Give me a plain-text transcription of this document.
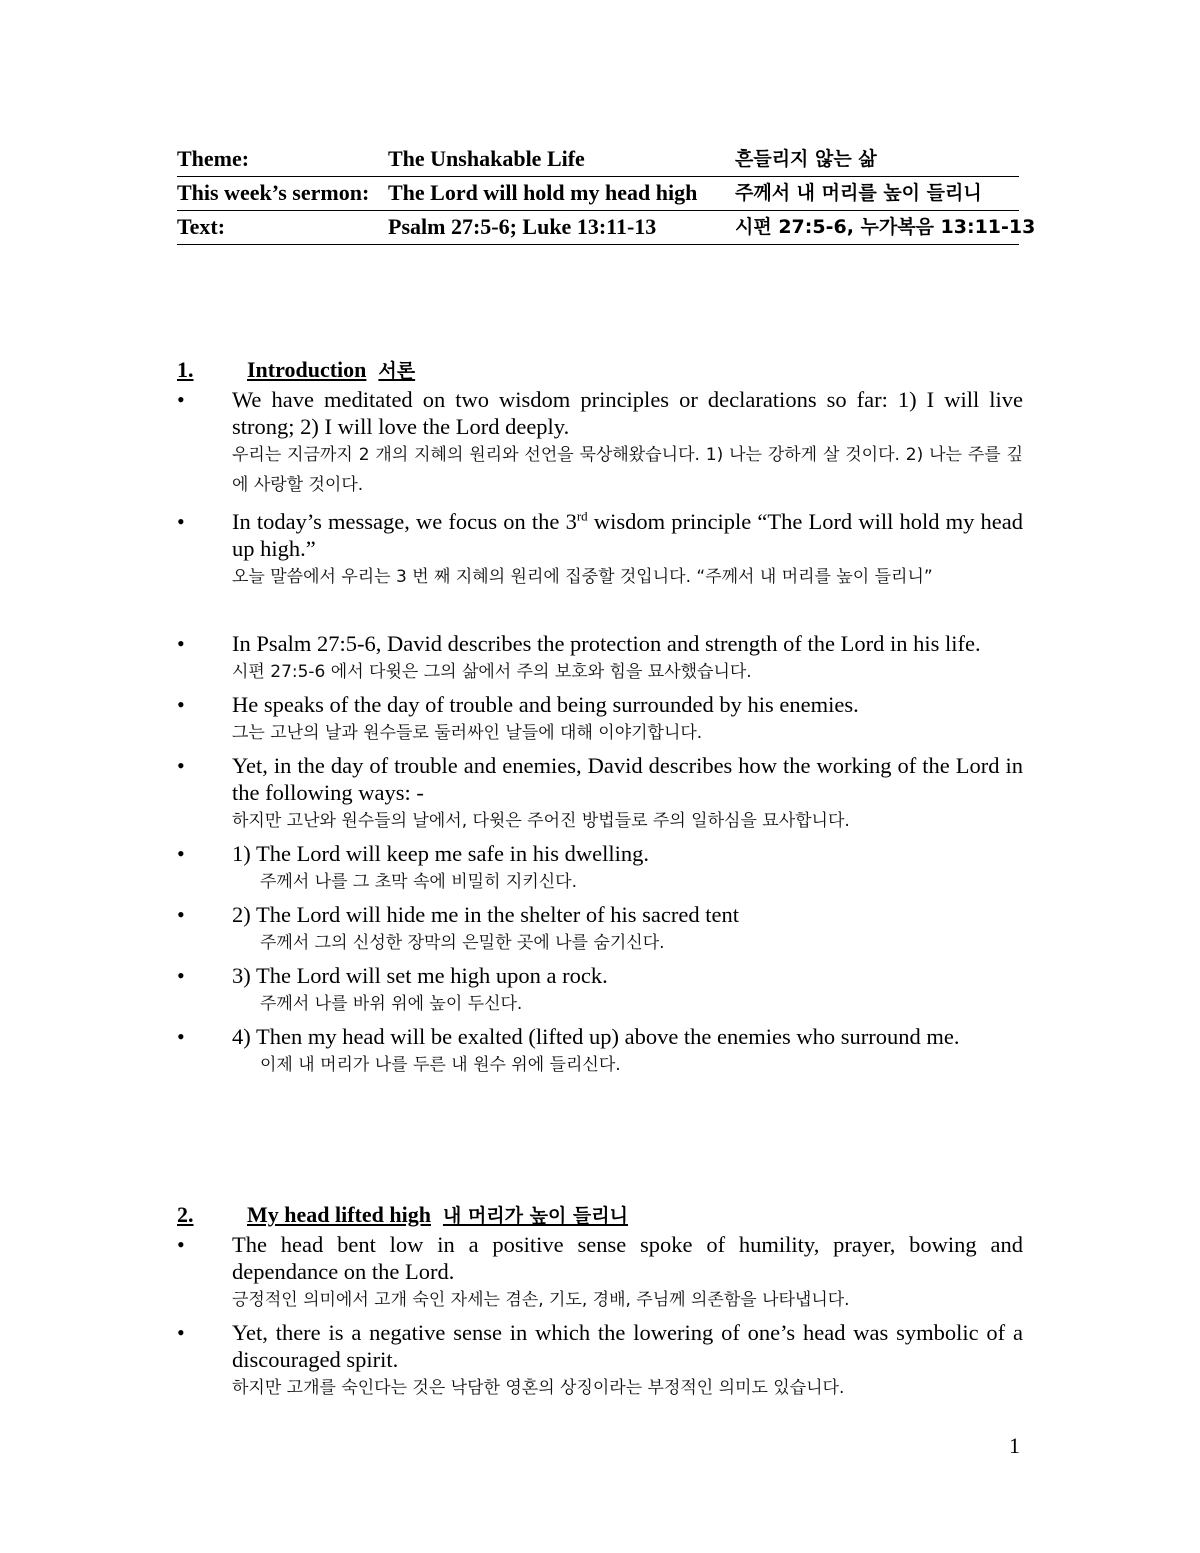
Theme:	The Unshakable Life	흔들리지 않는 삶
This week’s sermon: The Lord will hold my head high 주께서 내 머리를 높이 들리니
Text:	Psalm 27:5-6; Luke 13:11-13	시편 27:5-6, 누가복음 13:11-13
1. Introduction 서론
• We have meditated on two wisdom principles or declarations so far: 1) I will live strong; 2) I will love the Lord deeply.

우리는 지금까지 2 개의 지혜의 원리와 선언을 묵상해왔습니다. 1) 나는 강하게 살 것이다. 2) 나는 주를 깊에 사랑할 것이다.

• In today’s message, we focus on the 3rd wisdom principle “The Lord will hold my head up high.”

오늘 말씀에서 우리는 3 번 째 지혜의 원리에 집중할 것입니다. “주께서 내 머리를 높이 들리니”

• In Psalm 27:5-6, David describes the protection and strength of the Lord in his life.

시편 27:5-6 에서 다윗은 그의 삶에서 주의 보호와 힘을 묘사했습니다.

• He speaks of the day of trouble and being surrounded by his enemies.

그는 고난의 날과 원수들로 둘러싸인 날들에 대해 이야기합니다.

• Yet, in the day of trouble and enemies, David describes how the working of the Lord in the following ways: -

하지만 고난와 원수들의 날에서, 다윗은 주어진 방법들로 주의 일하심을 묘사합니다.

• 1) The Lord will keep me safe in his dwelling.

주께서 나를 그 초막 속에 비밀히 지키신다.

• 2) The Lord will hide me in the shelter of his sacred tent

주께서 그의 신성한 장막의 은밀한 곳에 나를 숨기신다.

• 3) The Lord will set me high upon a rock.

주께서 나를 바위 위에 높이 두신다.

• 4) Then my head will be exalted (lifted up) above the enemies who surround me.

이제 내 머리가 나를 두른 내 원수 위에 들리신다.

2. My head lifted high 내 머리가 높이 들리니
• The head bent low in a positive sense spoke of humility, prayer, bowing and dependance on the Lord.

긍정적인 의미에서 고개 숙인 자세는 겸손, 기도, 경배, 주님께 의존함을 나타냅니다.

• Yet, there is a negative sense in which the lowering of one’s head was symbolic of a discouraged spirit.

하지만 고개를 숙인다는 것은 낙담한 영혼의 상징이라는 부정적인 의미도 있습니다.

1
